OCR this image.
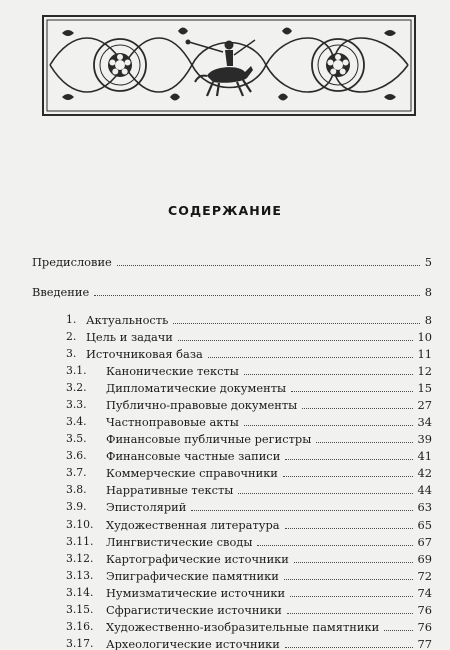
СОДЕРЖАНИЕ
Предисловие	5
Введение	8
1. Актуальность	8
2. Цель и задачи	10
3. Источниковая база	11
3.1. Канонические тексты	12
3.2. Дипломатические документы	15
3.3. Публично-правовые документы	27
3.4. Частноправовые акты	34
3.5. Финансовые публичные регистры	39
3.6. Финансовые частные записи	41
3.7. Коммерческие справочники	42
3.8. Нарративные тексты	44
3.9. Эпистолярий	63
3.10. Художественная литература	65
3.11. Лингвистические своды	67
3.12. Картографические источники	69
3.13. Эпиграфические памятники	72
3.14. Нумизматические источники	74
3.15. Сфрагистические источники	76
3.16. Художественно-изобразительные памятники	76
3.17. Археологические источники	77
